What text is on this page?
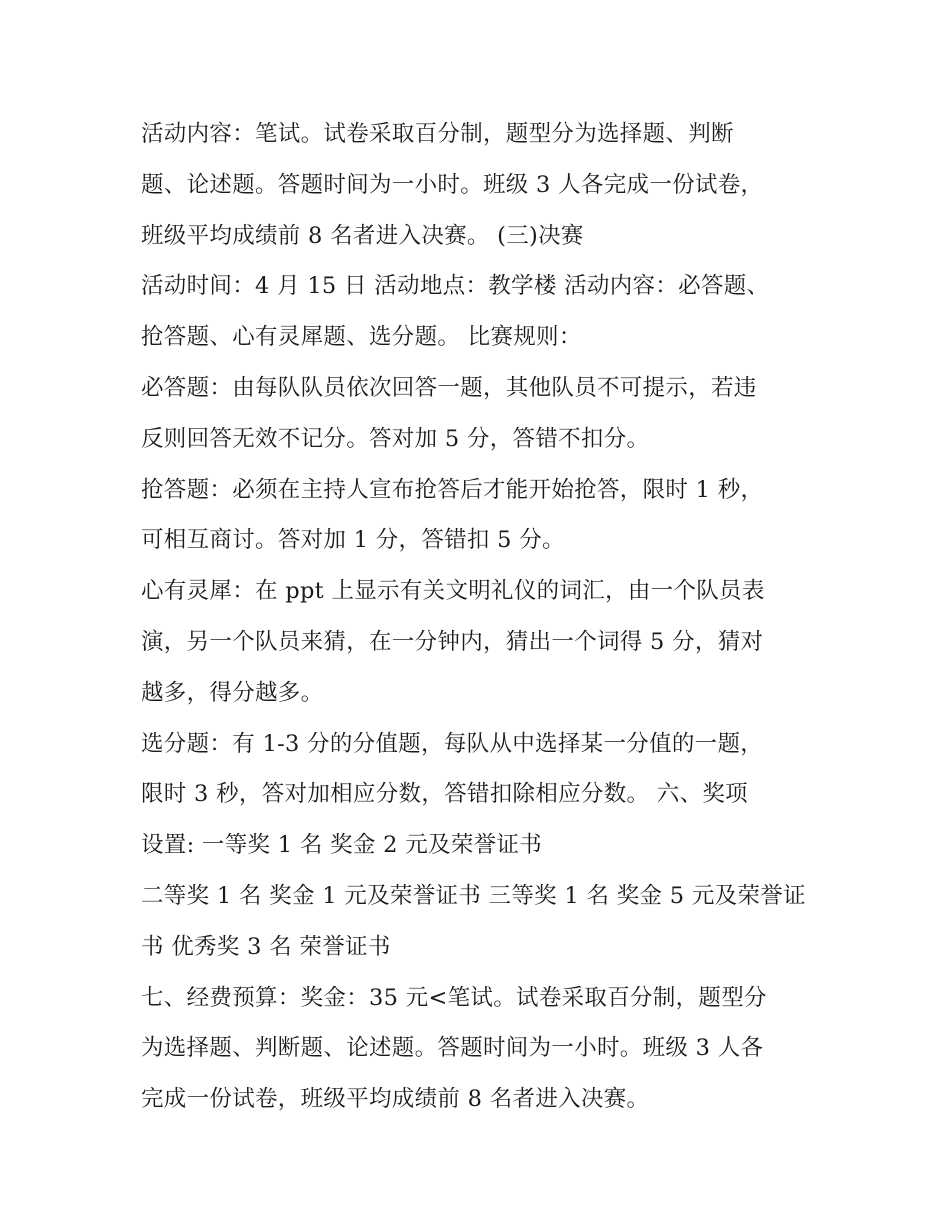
活动内容：笔试。试卷采取百分制，题型分为选择题、判断
题、论述题。答题时间为一小时。班级 3 人各完成一份试卷，
班级平均成绩前 8 名者进入决赛。 (三)决赛
活动时间：4 月 15 日 活动地点：教学楼 活动内容：必答题、
抢答题、心有灵犀题、选分题。 比赛规则：
必答题：由每队队员依次回答一题，其他队员不可提示，若违
反则回答无效不记分。答对加 5 分，答错不扣分。
抢答题：必须在主持人宣布抢答后才能开始抢答，限时 1 秒，
可相互商讨。答对加 1 分，答错扣 5 分。
心有灵犀：在 ppt 上显示有关文明礼仪的词汇，由一个队员表
演，另一个队员来猜，在一分钟内，猜出一个词得 5 分，猜对
越多，得分越多。
选分题：有 1-3 分的分值题，每队从中选择某一分值的一题，
限时 3 秒，答对加相应分数，答错扣除相应分数。 六、奖项
设置: 一等奖 1 名 奖金 2 元及荣誉证书
二等奖 1 名 奖金 1 元及荣誉证书 三等奖 1 名 奖金 5 元及荣誉证
书 优秀奖 3 名 荣誉证书
七、经费预算：奖金：35 元<笔试。试卷采取百分制，题型分
为选择题、判断题、论述题。答题时间为一小时。班级 3 人各
完成一份试卷，班级平均成绩前 8 名者进入决赛。
